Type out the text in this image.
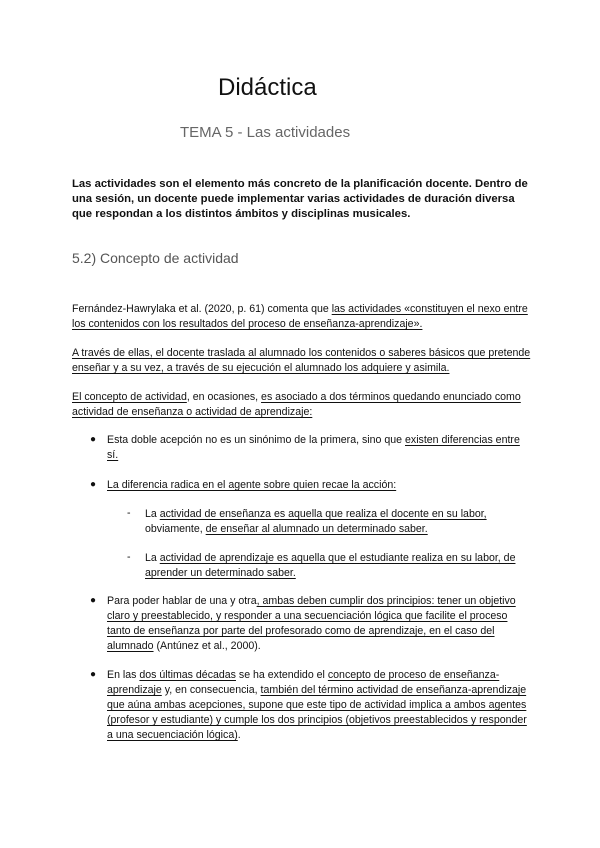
Didáctica
TEMA 5 - Las actividades
Las actividades son el elemento más concreto de la planificación docente. Dentro de una sesión, un docente puede implementar varias actividades de duración diversa que respondan a los distintos ámbitos y disciplinas musicales.
5.2) Concepto de actividad
Fernández-Hawrylaka et al. (2020, p. 61) comenta que las actividades «constituyen el nexo entre los contenidos con los resultados del proceso de enseñanza-aprendizaje».
A través de ellas, el docente traslada al alumnado los contenidos o saberes básicos que pretende enseñar y a su vez, a través de su ejecución el alumnado los adquiere y asimila.
El concepto de actividad, en ocasiones, es asociado a dos términos quedando enunciado como actividad de enseñanza o actividad de aprendizaje:
● Esta doble acepción no es un sinónimo de la primera, sino que existen diferencias entre sí.
● La diferencia radica en el agente sobre quien recae la acción:
- La actividad de enseñanza es aquella que realiza el docente en su labor, obviamente, de enseñar al alumnado un determinado saber.
- La actividad de aprendizaje es aquella que el estudiante realiza en su labor, de aprender un determinado saber.
● Para poder hablar de una y otra, ambas deben cumplir dos principios: tener un objetivo claro y preestablecido, y responder a una secuenciación lógica que facilite el proceso tanto de enseñanza por parte del profesorado como de aprendizaje, en el caso del alumnado (Antúnez et al., 2000).
● En las dos últimas décadas se ha extendido el concepto de proceso de enseñanza-aprendizaje y, en consecuencia, también del término actividad de enseñanza-aprendizaje que aúna ambas acepciones, supone que este tipo de actividad implica a ambos agentes (profesor y estudiante) y cumple los dos principios (objetivos preestablecidos y responder a una secuenciación lógica).
